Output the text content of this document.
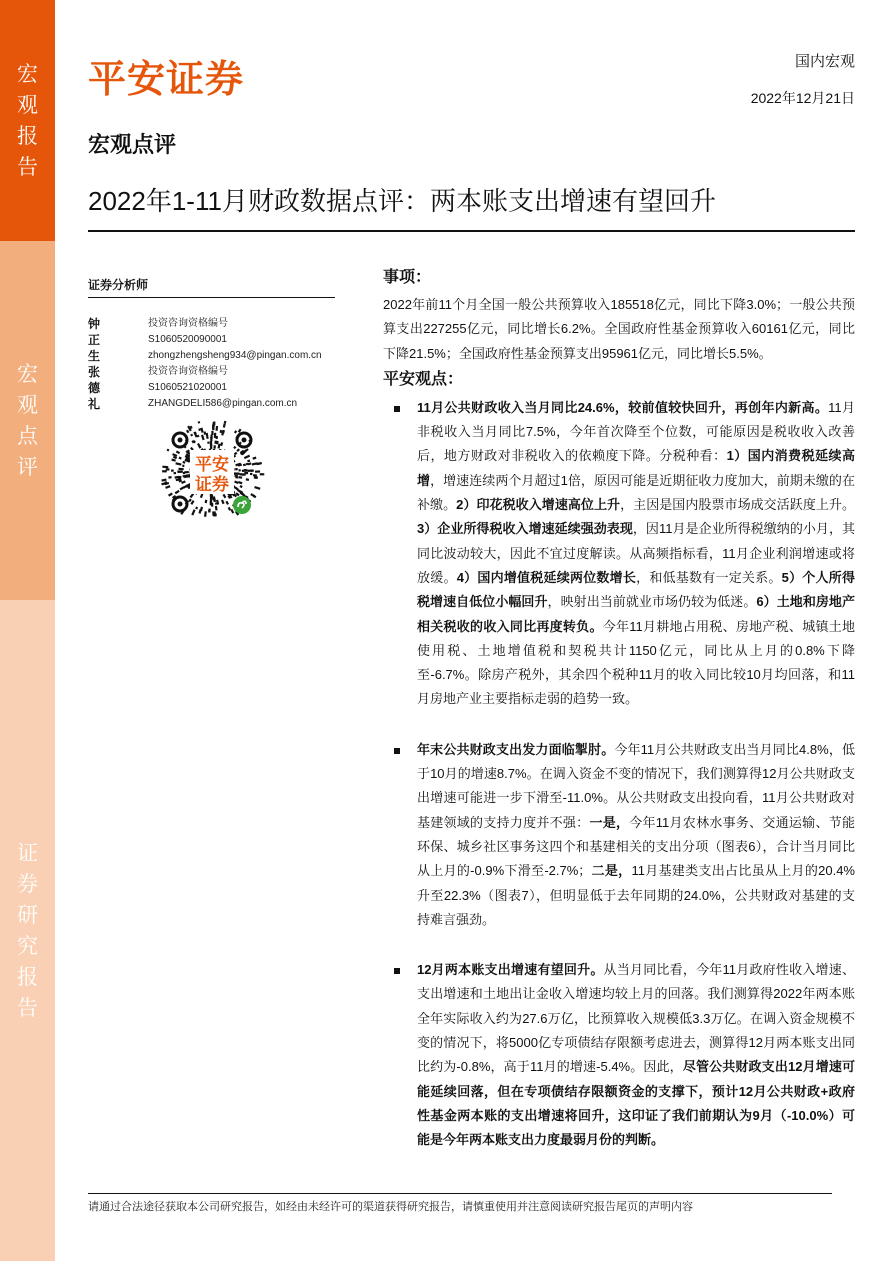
宏观报告
宏观点评
证券研究报告
平安证券	国内宏观
2022年12月21日
宏观点评
2022年1-11月财政数据点评：两本账支出增速有望回升
证券分析师
钟正生
投资咨询资格编号
S1060520090001
zhongzhengsheng934@pingan.com.cn
张德礼
投资咨询资格编号
S1060521020001
ZHANGDELI586@pingan.com.cn
平安
证券
事项：
2022年前11个月全国一般公共预算收入185518亿元，同比下降3.0%；一般公共预算支出227255亿元，同比增长6.2%。全国政府性基金预算收入60161亿元，同比下降21.5%；全国政府性基金预算支出95961亿元，同比增长5.5%。
平安观点：
11月公共财政收入当月同比24.6%，较前值较快回升，再创年内新高。11月非税收入当月同比7.5%，今年首次降至个位数，可能原因是税收收入改善后，地方财政对非税收入的依赖度下降。分税种看：1）国内消费税延续高增，增速连续两个月超过1倍，原因可能是近期征收力度加大，前期未缴的在补缴。2）印花税收入增速高位上升，主因是国内股票市场成交活跃度上升。3）企业所得税收入增速延续强劲表现，因11月是企业所得税缴纳的小月，其同比波动较大，因此不宜过度解读。从高频指标看，11月企业利润增速或将放缓。4）国内增值税延续两位数增长，和低基数有一定关系。5）个人所得税增速自低位小幅回升，映射出当前就业市场仍较为低迷。6）土地和房地产相关税收的收入同比再度转负。今年11月耕地占用税、房地产税、城镇土地使用税、土地增值税和契税共计1150亿元，同比从上月的0.8%下降至-6.7%。除房产税外，其余四个税种11月的收入同比较10月均回落，和11月房地产业主要指标走弱的趋势一致。
年末公共财政支出发力面临掣肘。今年11月公共财政支出当月同比4.8%，低于10月的增速8.7%。在调入资金不变的情况下，我们测算得12月公共财政支出增速可能进一步下滑至-11.0%。从公共财政支出投向看，11月公共财政对基建领域的支持力度并不强：一是，今年11月农林水事务、交通运输、节能环保、城乡社区事务这四个和基建相关的支出分项（图表6），合计当月同比从上月的-0.9%下滑至-2.7%；二是，11月基建类支出占比虽从上月的20.4%升至22.3%（图表7），但明显低于去年同期的24.0%，公共财政对基建的支持难言强劲。
12月两本账支出增速有望回升。从当月同比看，今年11月政府性收入增速、支出增速和土地出让金收入增速均较上月的回落。我们测算得2022年两本账全年实际收入约为27.6万亿，比预算收入规模低3.3万亿。在调入资金规模不变的情况下，将5000亿专项债结存限额考虑进去，测算得12月两本账支出同比约为-0.8%，高于11月的增速-5.4%。因此，尽管公共财政支出12月增速可能延续回落，但在专项债结存限额资金的支撑下，预计12月公共财政+政府性基金两本账的支出增速将回升，这印证了我们前期认为9月（-10.0%）可能是今年两本账支出力度最弱月份的判断。
请通过合法途径获取本公司研究报告，如经由未经许可的渠道获得研究报告，请慎重使用并注意阅读研究报告尾页的声明内容
